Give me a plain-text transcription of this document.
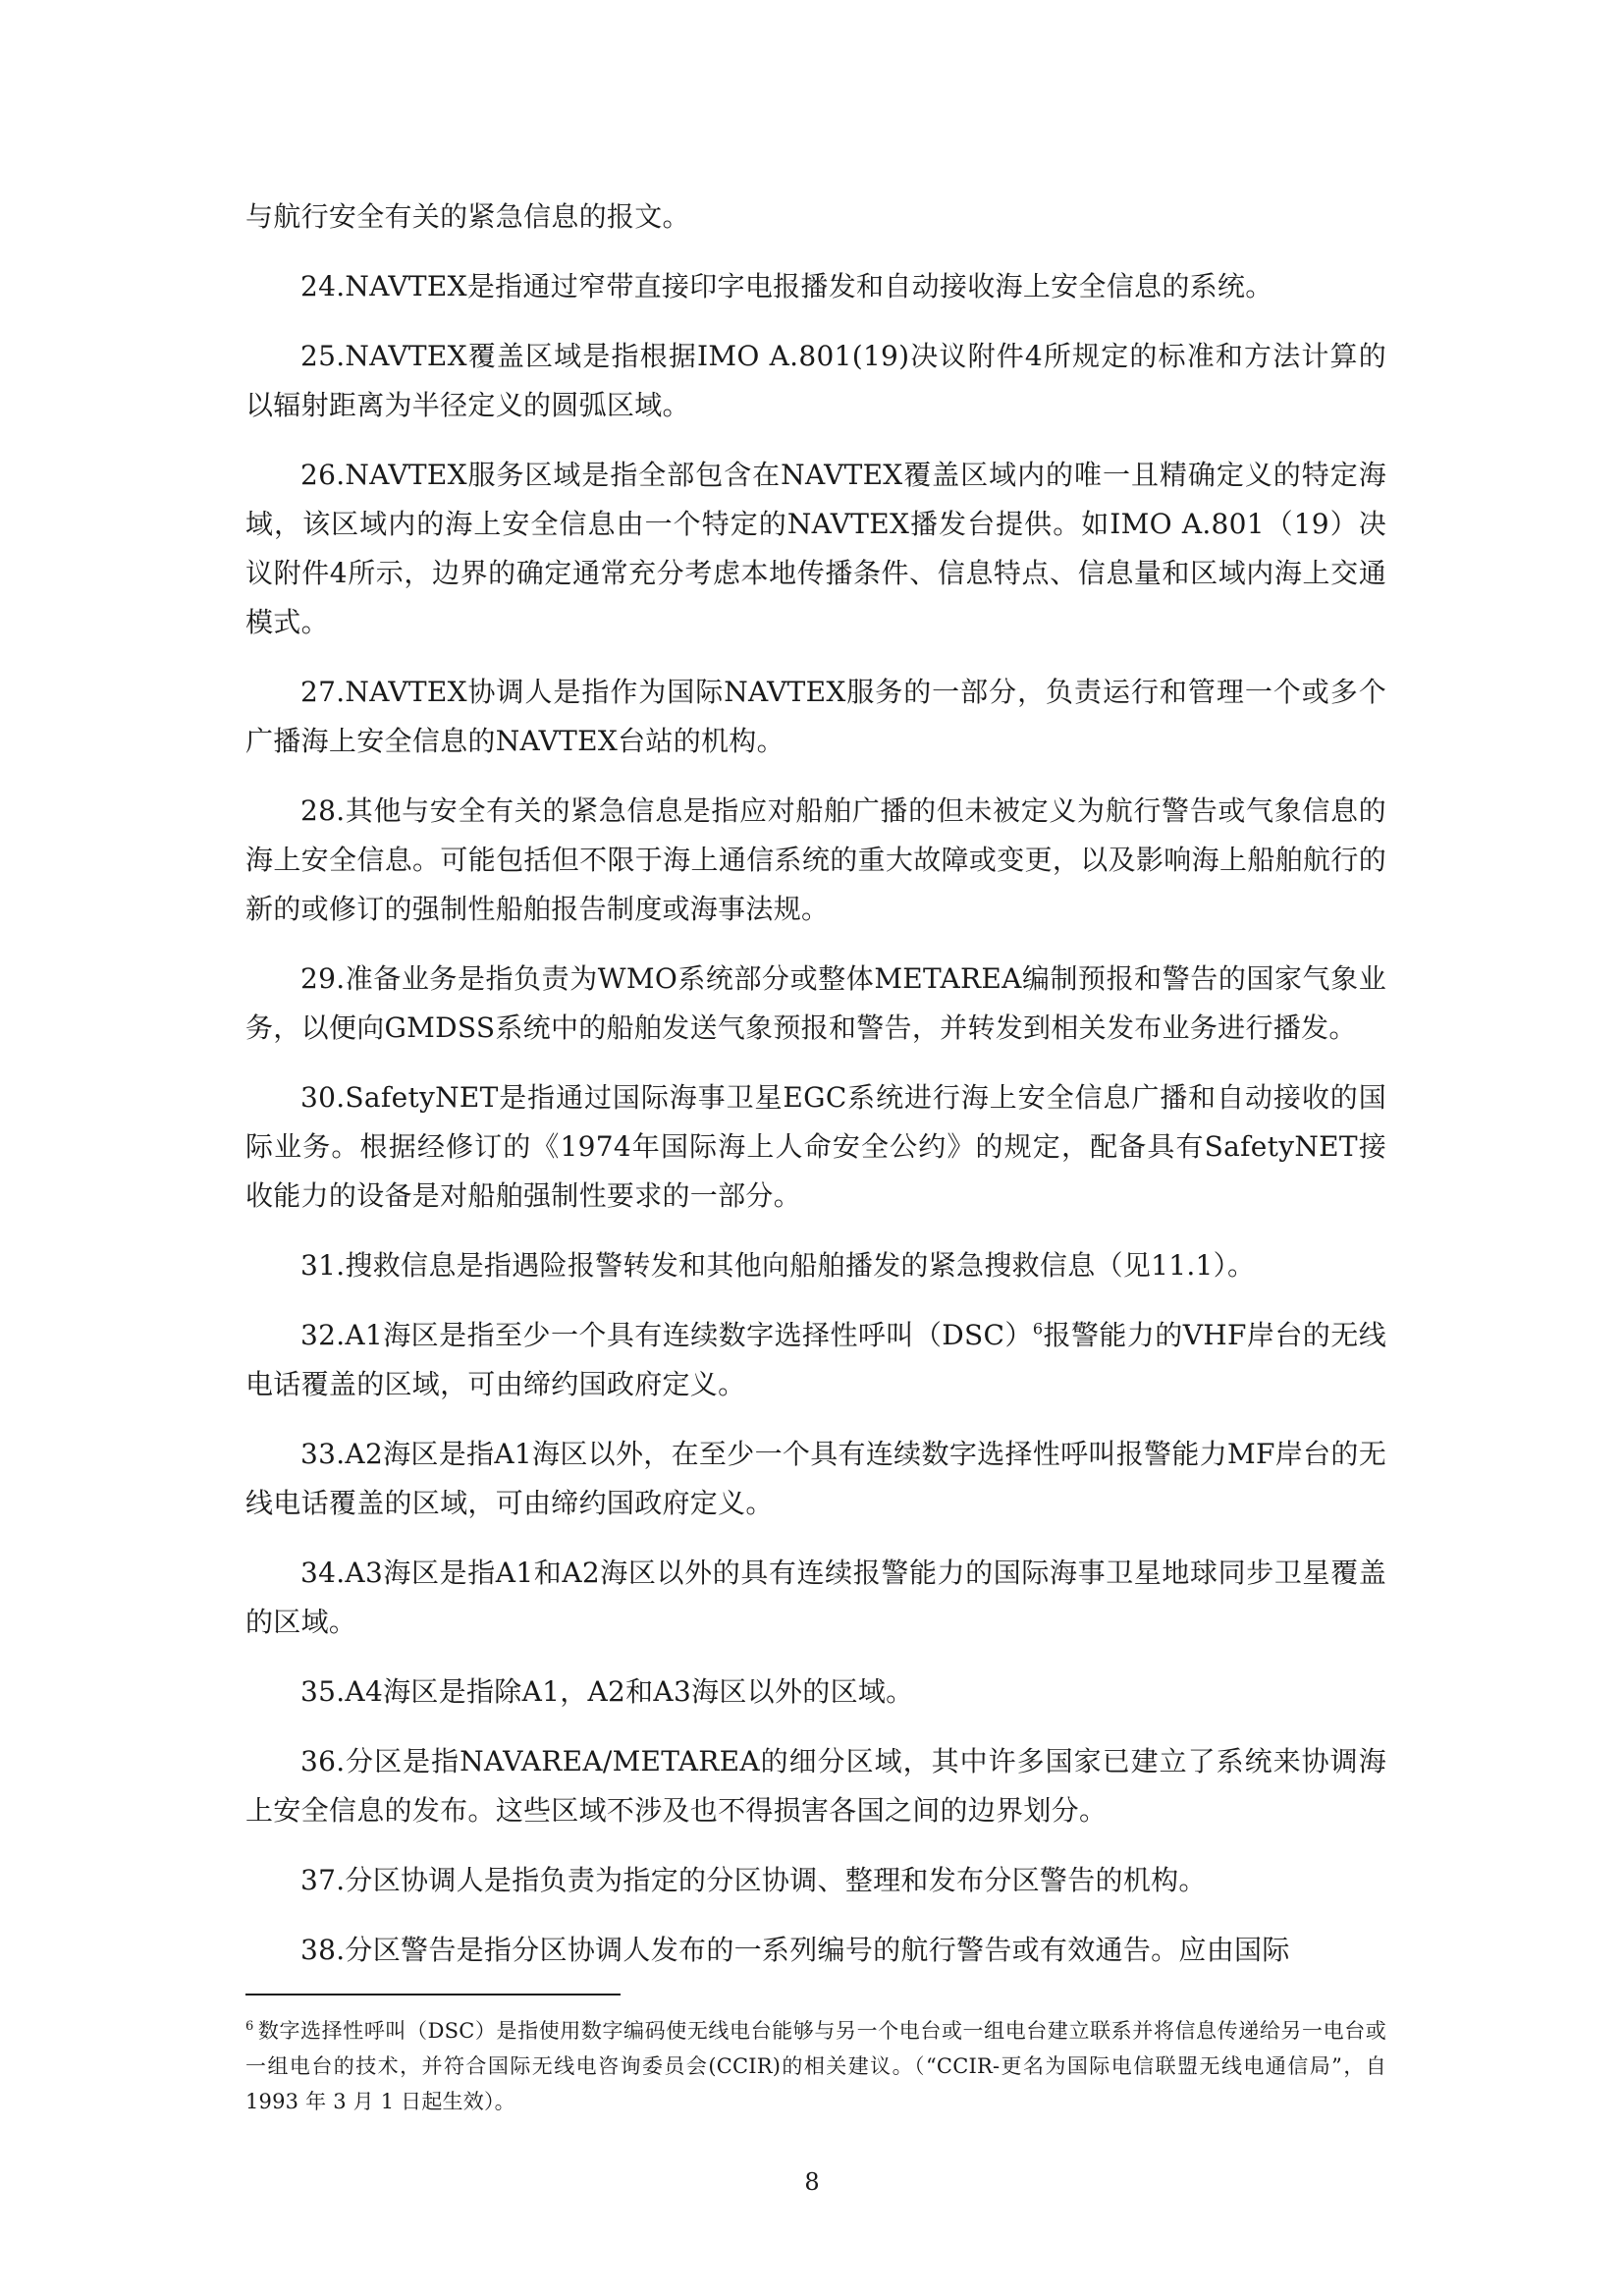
与航行安全有关的紧急信息的报文。

24.NAVTEX是指通过窄带直接印字电报播发和自动接收海上安全信息的系统。

25.NAVTEX覆盖区域是指根据IMO A.801(19)决议附件4所规定的标准和方法计算的以辐射距离为半径定义的圆弧区域。

26.NAVTEX服务区域是指全部包含在NAVTEX覆盖区域内的唯一且精确定义的特定海域，该区域内的海上安全信息由一个特定的NAVTEX播发台提供。如IMO A.801（19）决议附件4所示，边界的确定通常充分考虑本地传播条件、信息特点、信息量和区域内海上交通模式。

27.NAVTEX协调人是指作为国际NAVTEX服务的一部分，负责运行和管理一个或多个广播海上安全信息的NAVTEX台站的机构。

28.其他与安全有关的紧急信息是指应对船舶广播的但未被定义为航行警告或气象信息的海上安全信息。可能包括但不限于海上通信系统的重大故障或变更，以及影响海上船舶航行的新的或修订的强制性船舶报告制度或海事法规。

29.准备业务是指负责为WMO系统部分或整体METAREA编制预报和警告的国家气象业务，以便向GMDSS系统中的船舶发送气象预报和警告，并转发到相关发布业务进行播发。

30.SafetyNET是指通过国际海事卫星EGC系统进行海上安全信息广播和自动接收的国际业务。根据经修订的《1974年国际海上人命安全公约》的规定，配备具有SafetyNET接收能力的设备是对船舶强制性要求的一部分。

31.搜救信息是指遇险报警转发和其他向船舶播发的紧急搜救信息（见11.1）。

32.A1海区是指至少一个具有连续数字选择性呼叫（DSC）$^6$报警能力的VHF岸台的无线电话覆盖的区域，可由缔约国政府定义。

33.A2海区是指A1海区以外，在至少一个具有连续数字选择性呼叫报警能力MF岸台的无线电话覆盖的区域，可由缔约国政府定义。

34.A3海区是指A1和A2海区以外的具有连续报警能力的国际海事卫星地球同步卫星覆盖的区域。

35.A4海区是指除A1，A2和A3海区以外的区域。

36.分区是指NAVAREA/METAREA的细分区域，其中许多国家已建立了系统来协调海上安全信息的发布。这些区域不涉及也不得损害各国之间的边界划分。

37.分区协调人是指负责为指定的分区协调、整理和发布分区警告的机构。

38.分区警告是指分区协调人发布的一系列编号的航行警告或有效通告。应由国际

$^6$ 数字选择性呼叫（DSC）是指使用数字编码使无线电台能够与另一个电台或一组电台建立联系并将信息传递给另一电台或一组电台的技术，并符合国际无线电咨询委员会(CCIR)的相关建议。（“CCIR-更名为国际电信联盟无线电通信局”，自 1993 年 3 月 1 日起生效）。
8
